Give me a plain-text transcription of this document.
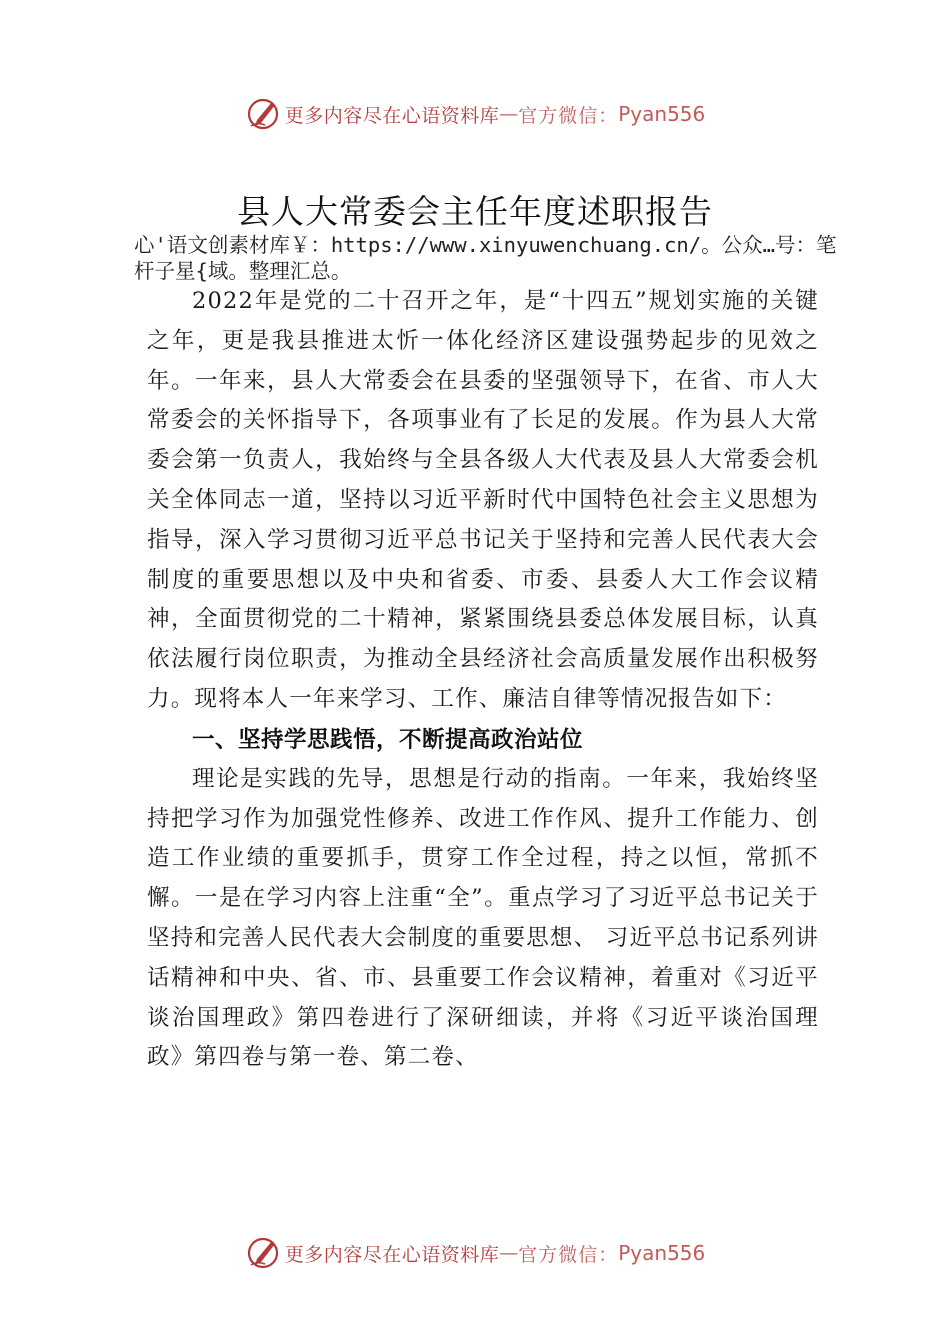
更多内容尽在心语资料库 — 官方微信： Pyan556
县人大常委会主任年度述职报告
心'语文创素材库￥：https://www.xinyuwenchuang.cn/。公众…号：笔杆子星{域。整理汇总。

2022年是党的二十召开之年，是“十四五”规划实施的关键之年，更是我县推进太忻一体化经济区建设强势起步的见效之年。一年来，县人大常委会在县委的坚强领导下，在省、市人大常委会的关怀指导下，各项事业有了长足的发展。作为县人大常委会第一负责人，我始终与全县各级人大代表及县人大常委会机关全体同志一道，坚持以习近平新时代中国特色社会主义思想为指导，深入学习贯彻习近平总书记关于坚持和完善人民代表大会制度的重要思想以及中央和省委、市委、县委人大工作会议精神，全面贯彻党的二十精神，紧紧围绕县委总体发展目标，认真依法履行岗位职责，为推动全县经济社会高质量发展作出积极努力。现将本人一年来学习、工作、廉洁自律等情况报告如下：

一、坚持学思践悟，不断提高政治站位

理论是实践的先导，思想是行动的指南。一年来，我始终坚持把学习作为加强党性修养、改进工作作风、提升工作能力、创造工作业绩的重要抓手，贯穿工作全过程，持之以恒，常抓不懈。一是在学习内容上注重“全”。重点学习了习近平总书记关于坚持和完善人民代表大会制度的重要思想、 习近平总书记系列讲话精神和中央、省、市、县重要工作会议精神，着重对《习近平谈治国理政》第四卷进行了深研细读，并将《习近平谈治国理政》第四卷与第一卷、第二卷、

更多内容尽在心语资料库 — 官方微信： Pyan556
